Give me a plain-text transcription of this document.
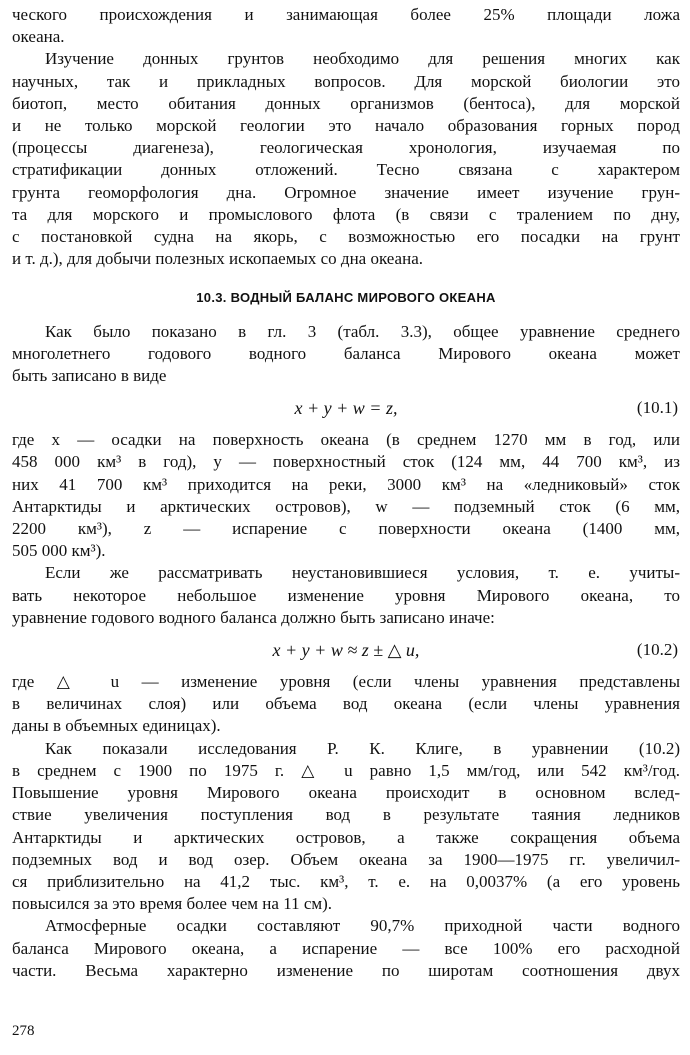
ческого происхождения и занимающая более 25% площади ложа
океана.
Изучение донных грунтов необходимо для решения многих как
научных, так и прикладных вопросов. Для морской биологии это
биотоп, место обитания донных организмов (бентоса), для морской
и не только морской геологии это начало образования горных пород
(процессы диагенеза), геологическая хронология, изучаемая по
стратификации донных отложений. Тесно связана с характером
грунта геоморфология дна. Огромное значение имеет изучение грун-
та для морского и промыслового флота (в связи с тралением по дну,
с постановкой судна на якорь, с возможностью его посадки на грунт
и т. д.), для добычи полезных ископаемых со дна океана.
10.3. ВОДНЫЙ БАЛАНС МИРОВОГО ОКЕАНА
Как было показано в гл. 3 (табл. 3.3), общее уравнение среднего
многолетнего годового водного баланса Мирового океана может
быть записано в виде
x + y + w = z,	(10.1)
где x — осадки на поверхность океана (в среднем 1270 мм в год, или
458 000 км³ в год), y — поверхностный сток (124 мм, 44 700 км³, из
них 41 700 км³ приходится на реки, 3000 км³ на «ледниковый» сток
Антарктиды и арктических островов), w — подземный сток (6 мм,
2200 км³), z — испарение с поверхности океана (1400 мм,
505 000 км³).
Если же рассматривать неустановившиеся условия, т. е. учиты-
вать некоторое небольшое изменение уровня Мирового океана, то
уравнение годового водного баланса должно быть записано иначе:
x + y + w ≈ z ± △ u,	(10.2)
где △ u — изменение уровня (если члены уравнения представлены
в величинах слоя) или объема вод океана (если члены уравнения
даны в объемных единицах).
Как показали исследования Р. К. Клиге, в уравнении (10.2)
в среднем с 1900 по 1975 г. △ u равно 1,5 мм/год, или 542 км³/год.
Повышение уровня Мирового океана происходит в основном вслед-
ствие увеличения поступления вод в результате таяния ледников
Антарктиды и арктических островов, а также сокращения объема
подземных вод и вод озер. Объем океана за 1900—1975 гг. увеличил-
ся приблизительно на 41,2 тыс. км³, т. е. на 0,0037% (а его уровень
повысился за это время более чем на 11 см).
Атмосферные осадки составляют 90,7% приходной части водного
баланса Мирового океана, а испарение — все 100% его расходной
части. Весьма характерно изменение по широтам соотношения двух
278
